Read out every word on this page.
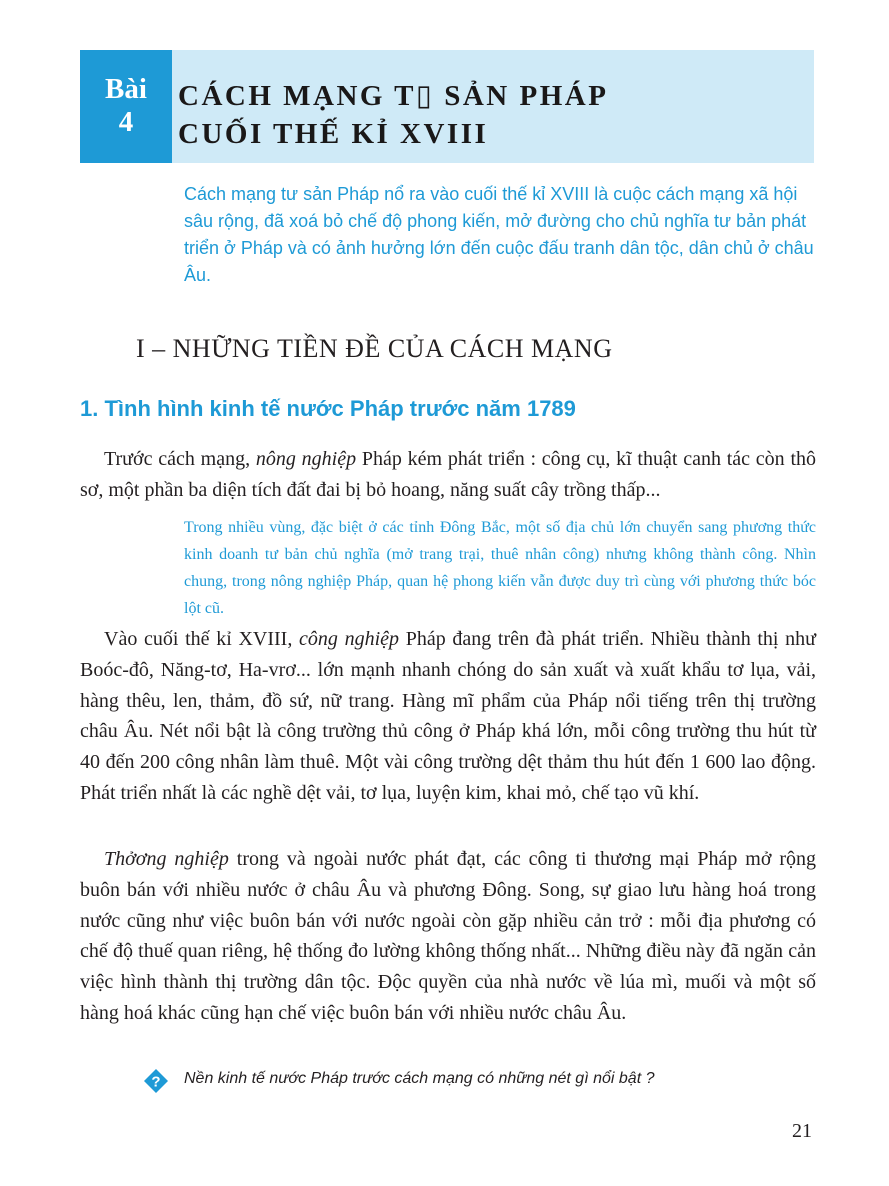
Bài
4
CÁCH MẠNG T▯ SẢN PHÁP
CUỐI THẾ KỈ XVIII

Cách mạng tư sản Pháp nổ ra vào cuối thế kỉ XVIII là cuộc cách mạng xã hội sâu rộng, đã xoá bỏ chế độ phong kiến, mở đường cho chủ nghĩa tư bản phát triển ở Pháp và có ảnh hưởng lớn đến cuộc đấu tranh dân tộc, dân chủ ở châu Âu.

I – NHỮNG TIỀN ĐỀ CỦA CÁCH MẠNG
1. Tình hình kinh tế nước Pháp trước năm 1789

Trước cách mạng, nông nghiệp Pháp kém phát triển : công cụ, kĩ thuật canh tác còn thô sơ, một phần ba diện tích đất đai bị bỏ hoang, năng suất cây trồng thấp...

Trong nhiều vùng, đặc biệt ở các tỉnh Đông Bắc, một số địa chủ lớn chuyển sang phương thức kinh doanh tư bản chủ nghĩa (mở trang trại, thuê nhân công) nhưng không thành công. Nhìn chung, trong nông nghiệp Pháp, quan hệ phong kiến vẫn được duy trì cùng với phương thức bóc lột cũ.

Vào cuối thế kỉ XVIII, công nghiệp Pháp đang trên đà phát triển. Nhiều thành thị như Boóc-đô, Năng-tơ, Ha-vrơ... lớn mạnh nhanh chóng do sản xuất và xuất khẩu tơ lụa, vải, hàng thêu, len, thảm, đồ sứ, nữ trang. Hàng mĩ phẩm của Pháp nổi tiếng trên thị trường châu Âu. Nét nổi bật là công trường thủ công ở Pháp khá lớn, mỗi công trường thu hút từ 40 đến 200 công nhân làm thuê. Một vài công trường dệt thảm thu hút đến 1 600 lao động. Phát triển nhất là các nghề dệt vải, tơ lụa, luyện kim, khai mỏ, chế tạo vũ khí.

Thởơng nghiệp trong và ngoài nước phát đạt, các công ti thương mại Pháp mở rộng buôn bán với nhiều nước ở châu Âu và phương Đông. Song, sự giao lưu hàng hoá trong nước cũng như việc buôn bán với nước ngoài còn gặp nhiều cản trở : mỗi địa phương có chế độ thuế quan riêng, hệ thống đo lường không thống nhất... Những điều này đã ngăn cản việc hình thành thị trường dân tộc. Độc quyền của nhà nước về lúa mì, muối và một số hàng hoá khác cũng hạn chế việc buôn bán với nhiều nước châu Âu.

? Nền kinh tế nước Pháp trước cách mạng có những nét gì nổi bật ?

21
